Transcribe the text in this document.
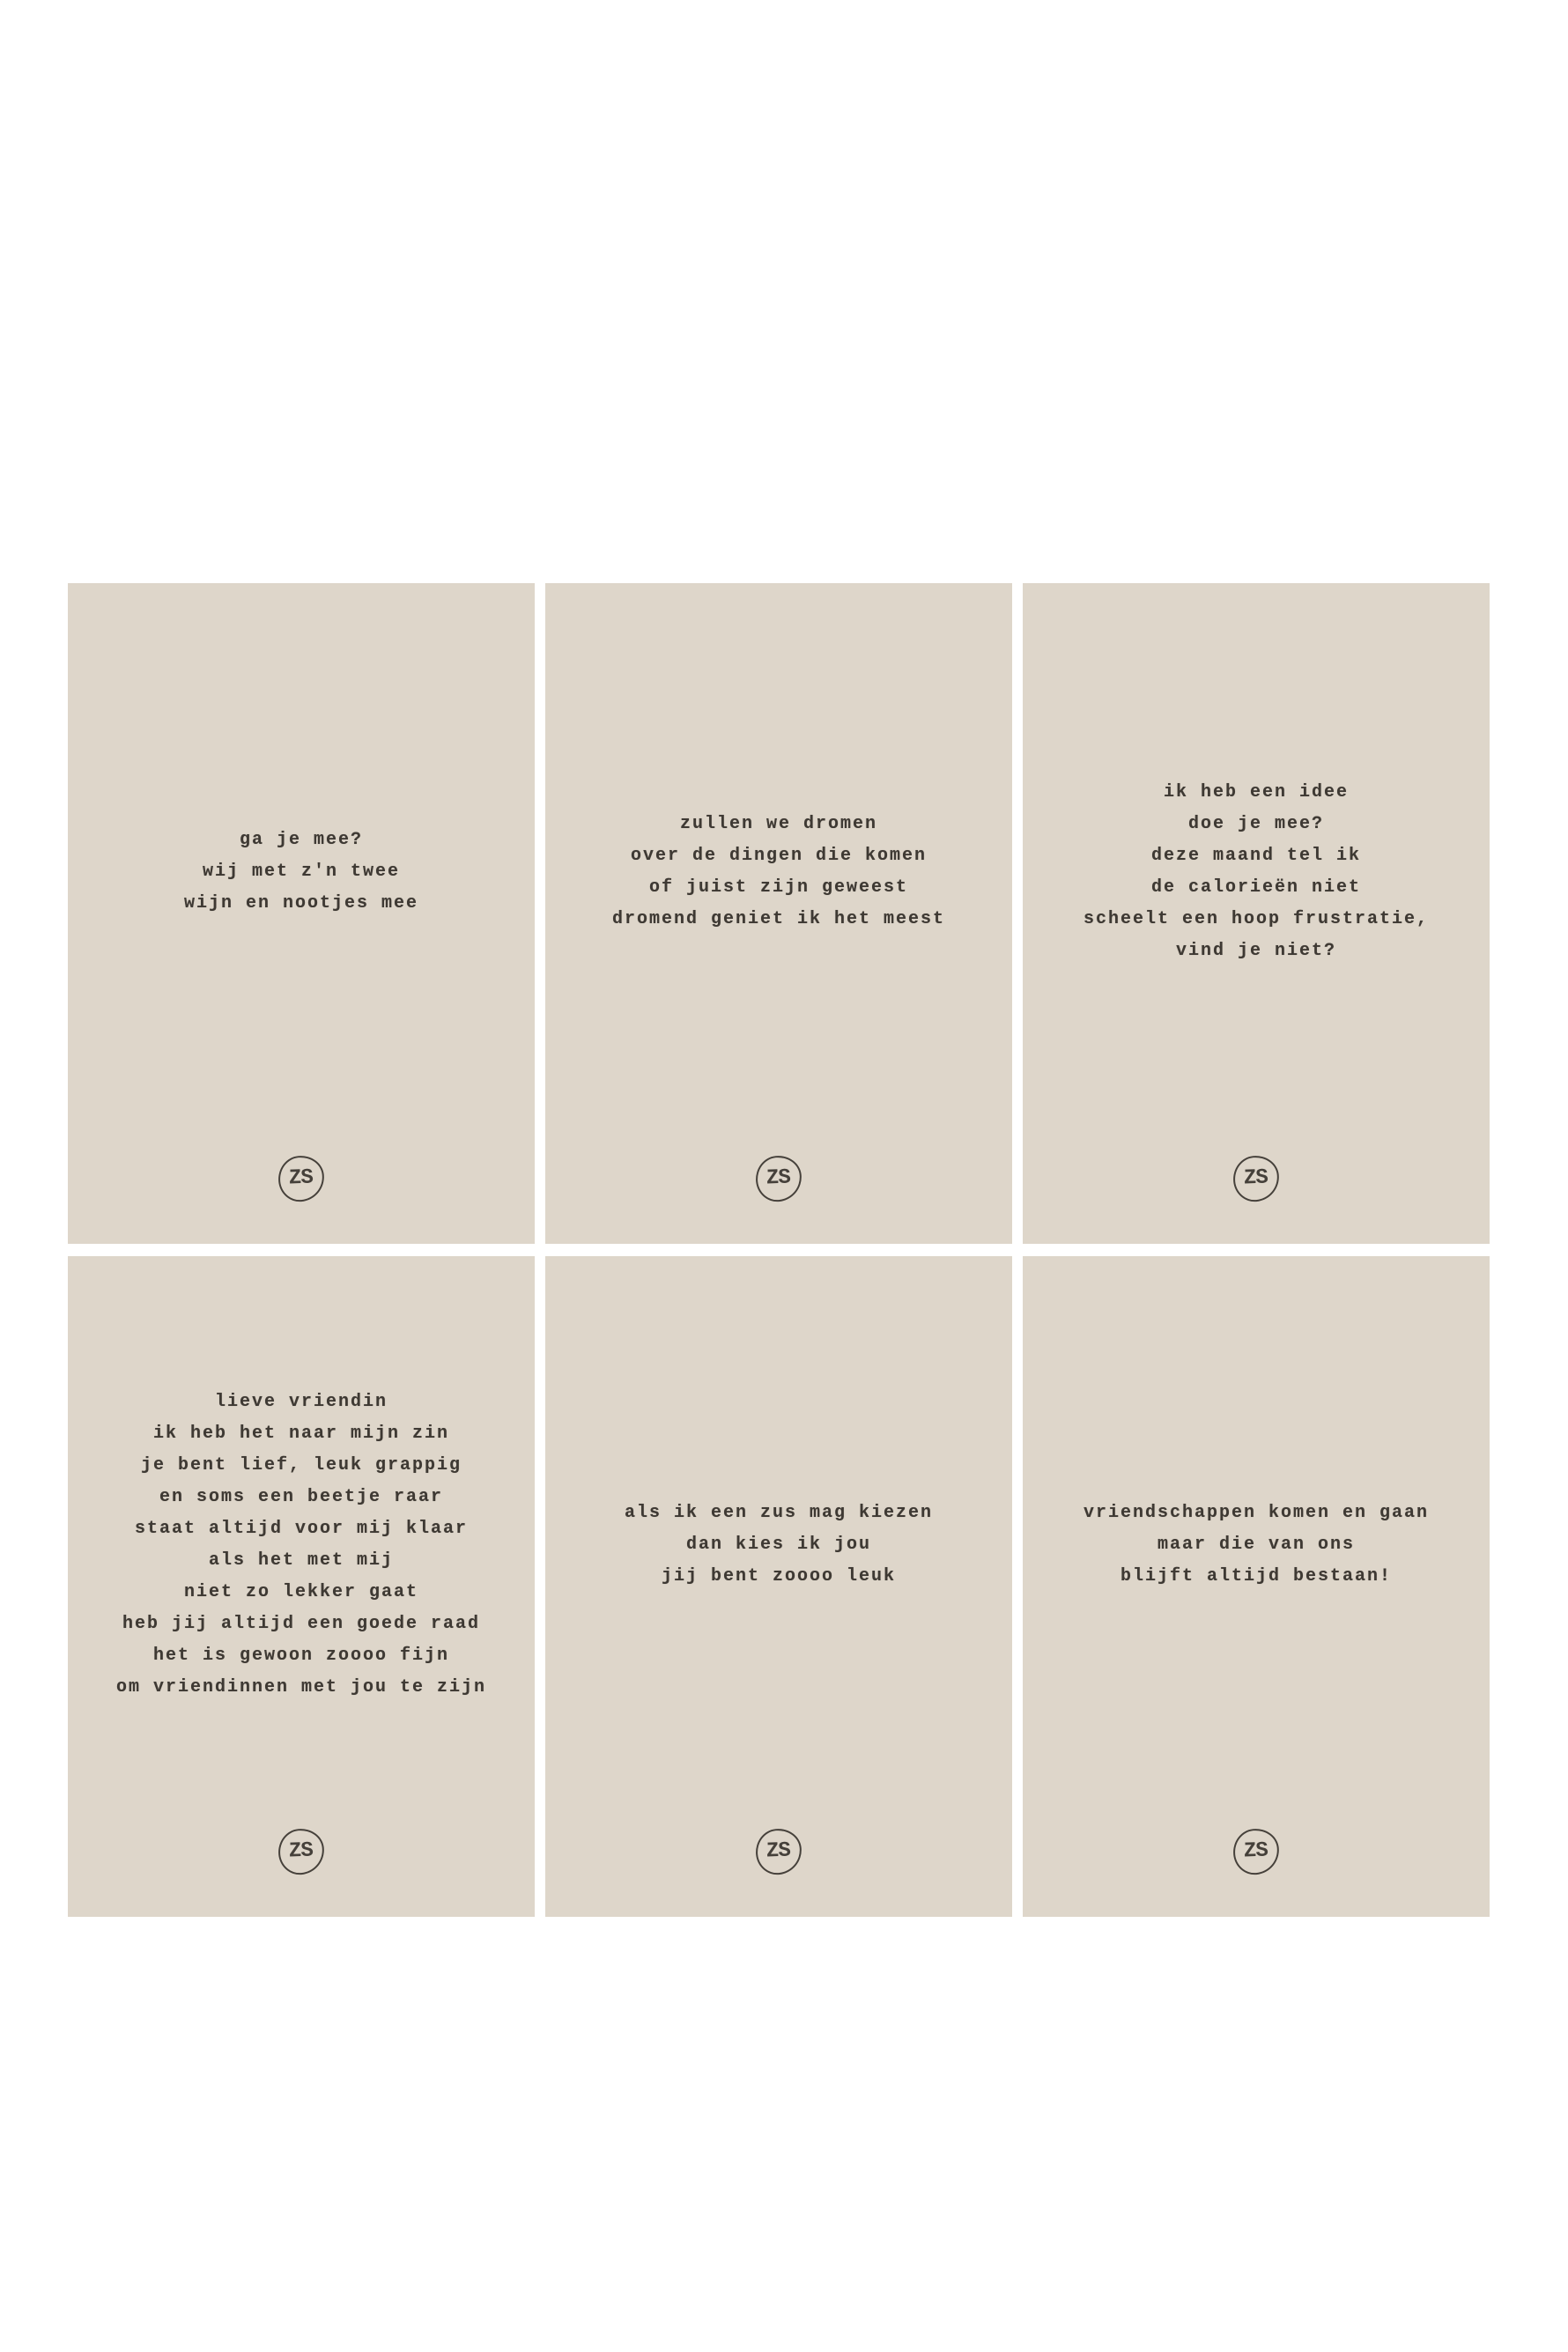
ga je mee?
wij met z'n twee
wijn en nootjes mee
ZS
zullen we dromen
over de dingen die komen
of juist zijn geweest
dromend geniet ik het meest
ZS
ik heb een idee
doe je mee?
deze maand tel ik
de calorieën niet
scheelt een hoop frustratie,
vind je niet?
ZS
lieve vriendin
ik heb het naar mijn zin
je bent lief, leuk grappig
en soms een beetje raar
staat altijd voor mij klaar
als het met mij
niet zo lekker gaat
heb jij altijd een goede raad
het is gewoon zoooo fijn
om vriendinnen met jou te zijn
ZS
als ik een zus mag kiezen
dan kies ik jou
jij bent zoooo leuk
ZS
vriendschappen komen en gaan
maar die van ons
blijft altijd bestaan!
ZS
